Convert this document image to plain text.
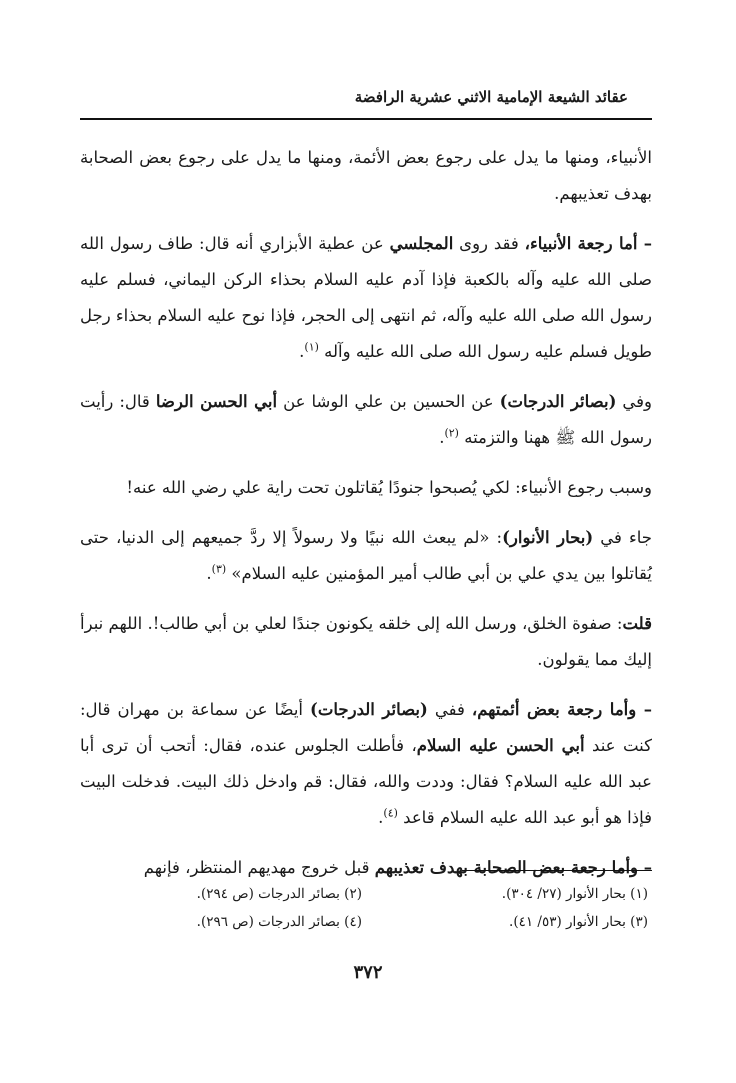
عقائد الشيعة الإمامية الاثني عشرية الرافضة

الأنبياء، ومنها ما يدل على رجوع بعض الأئمة، ومنها ما يدل على رجوع بعض الصحابة بهدف تعذيبهم.

– أما رجعة الأنبياء، فقد روى المجلسي عن عطية الأبزاري أنه قال: طاف رسول الله صلى الله عليه وآله بالكعبة فإذا آدم عليه السلام بحذاء الركن اليماني، فسلم عليه رسول الله صلى الله عليه وآله، ثم انتهى إلى الحجر، فإذا نوح عليه السلام بحذاء رجل طويل فسلم عليه رسول الله صلى الله عليه وآله $^{(١)}$.

وفي (بصائر الدرجات) عن الحسين بن علي الوشا عن أبي الحسن الرضا قال: رأيت رسول الله ﷺ ههنا والتزمته $^{(٢)}$.

وسبب رجوع الأنبياء: لكي يُصبحوا جنودًا يُقاتلون تحت راية علي رضي الله عنه!

جاء في (بحار الأنوار): «لم يبعث الله نبيًا ولا رسولاً إلا ردَّ جميعهم إلى الدنيا، حتى يُقاتلوا بين يدي علي بن أبي طالب أمير المؤمنين عليه السلام» $^{(٣)}$.

قلت: صفوة الخلق، ورسل الله إلى خلقه يكونون جندًا لعلي بن أبي طالب!. اللهم نبرأ إليك مما يقولون.

– وأما رجعة بعض أئمتهم، ففي (بصائر الدرجات) أيضًا عن سماعة بن مهران قال: كنت عند أبي الحسن عليه السلام، فأطلت الجلوس عنده، فقال: أتحب أن ترى أبا عبد الله عليه السلام؟ فقال: وددت والله، فقال: قم وادخل ذلك البيت. فدخلت البيت فإذا هو أبو عبد الله عليه السلام قاعد $^{(٤)}$.

– وأما رجعة بعض الصحابة بهدف تعذيبهم قبل خروج مهديهم المنتظر، فإنهم

(١) بحار الأنوار (٢٧/ ٣٠٤).
(٢) بصائر الدرجات (ص ٢٩٤).
(٣) بحار الأنوار (٥٣/ ٤١).
(٤) بصائر الدرجات (ص ٢٩٦).
٣٧٢
